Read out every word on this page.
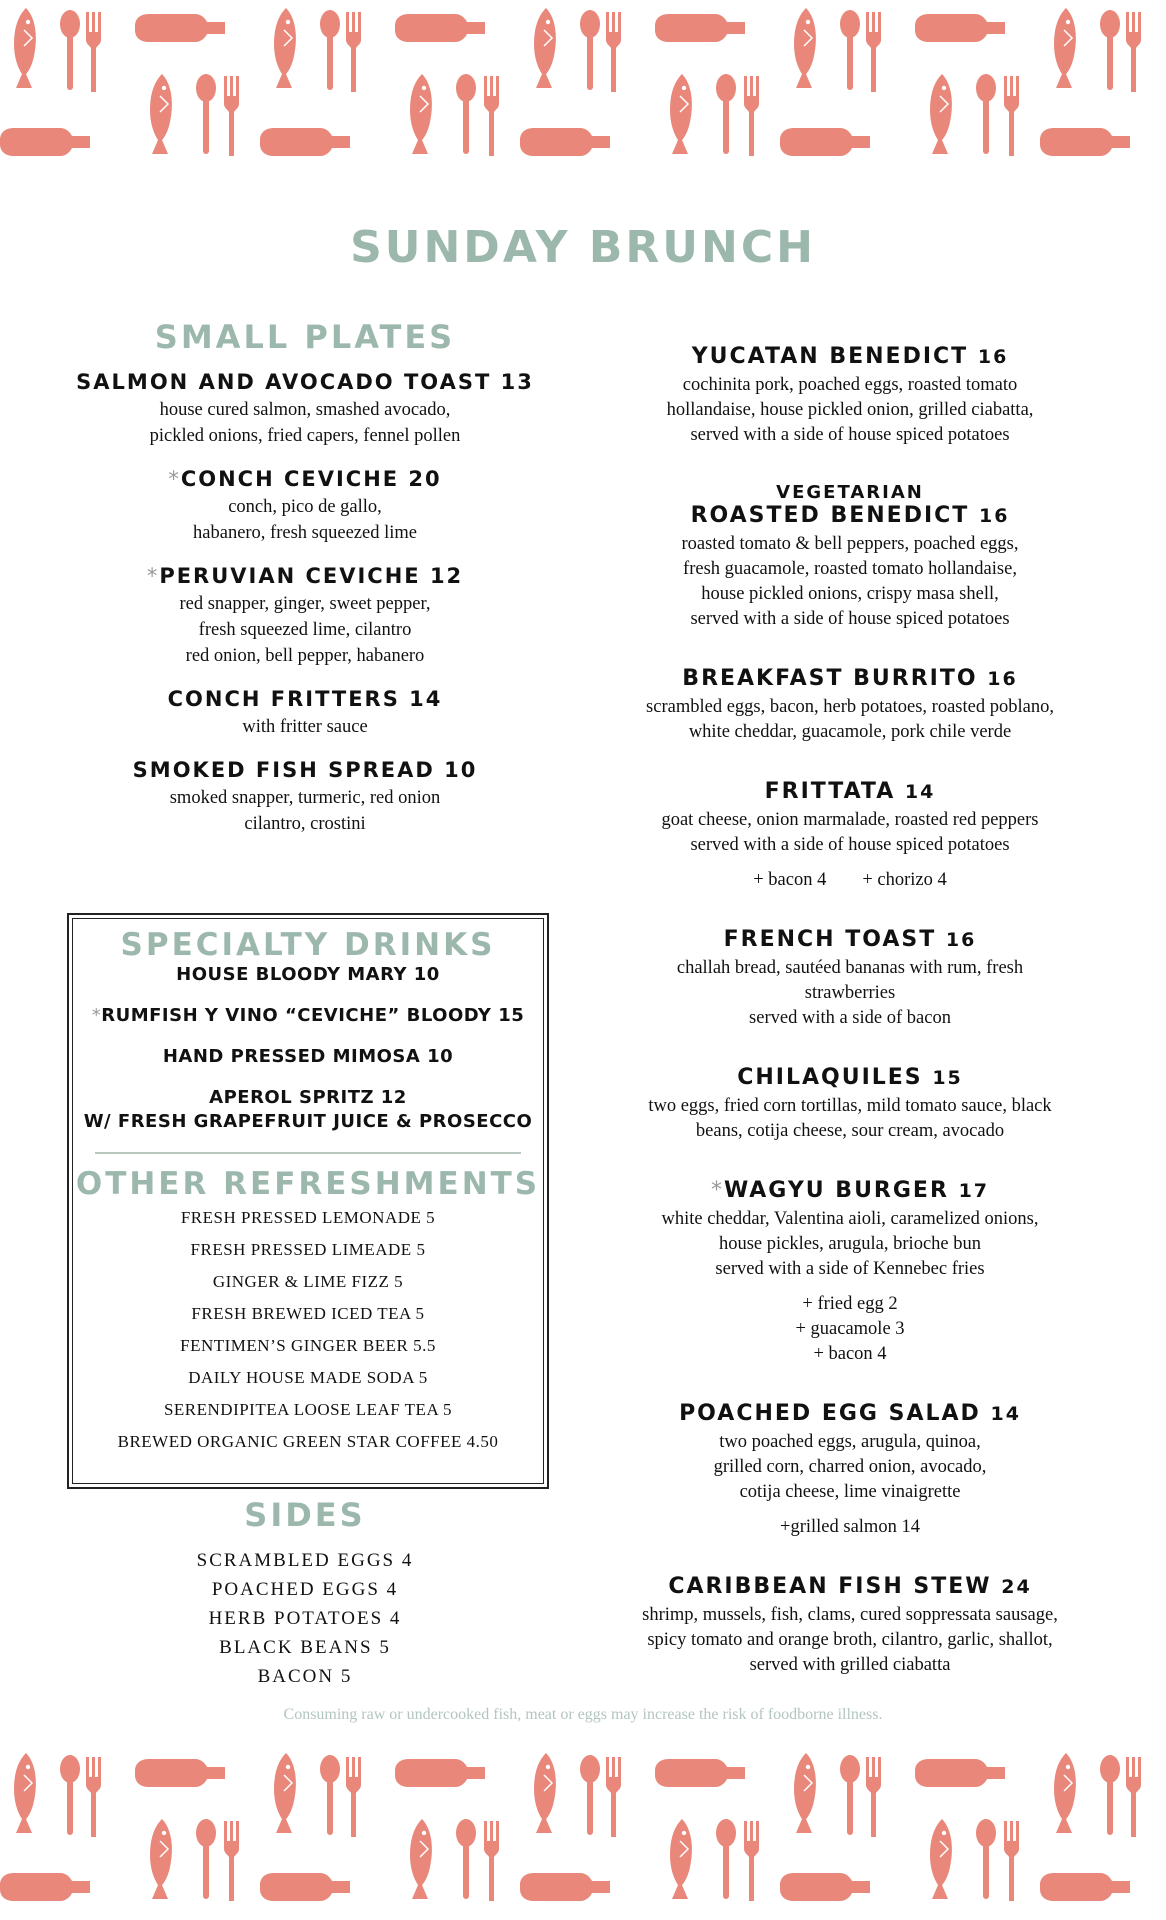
SUNDAY BRUNCH
SMALL PLATES

SALMON AND AVOCADO TOAST 13

house cured salmon, smashed avocado,

pickled onions, fried capers, fennel pollen

*CONCH CEVICHE 20

conch, pico de gallo,

habanero, fresh squeezed lime

*PERUVIAN CEVICHE 12

red snapper, ginger, sweet pepper,

fresh squeezed lime, cilantro

red onion, bell pepper, habanero

CONCH FRITTERS 14

with fritter sauce

SMOKED FISH SPREAD 10

smoked snapper, turmeric, red onion

cilantro, crostini

SPECIALTY DRINKS

HOUSE BLOODY MARY 10

*RUMFISH Y VINO “CEVICHE” BLOODY 15

HAND PRESSED MIMOSA 10

APEROL SPRITZ 12

W/ FRESH GRAPEFRUIT JUICE & PROSECCO

OTHER REFRESHMENTS

FRESH PRESSED LEMONADE 5

FRESH PRESSED LIMEADE 5

GINGER & LIME FIZZ 5

FRESH BREWED ICED TEA 5

FENTIMEN’S GINGER BEER 5.5

DAILY HOUSE MADE SODA 5

SERENDIPITEA LOOSE LEAF TEA 5

BREWED ORGANIC GREEN STAR COFFEE 4.50

SIDES

SCRAMBLED EGGS 4

POACHED EGGS 4

HERB POTATOES 4

BLACK BEANS 5

BACON 5

YUCATAN BENEDICT 16

cochinita pork, poached eggs, roasted tomato

hollandaise, house pickled onion, grilled ciabatta,

served with a side of house spiced potatoes

VEGETARIAN

ROASTED BENEDICT 16

roasted tomato & bell peppers, poached eggs,

fresh guacamole, roasted tomato hollandaise,

house pickled onions, crispy masa shell,

served with a side of house spiced potatoes

BREAKFAST BURRITO 16

scrambled eggs, bacon, herb potatoes, roasted poblano,

white cheddar, guacamole, pork chile verde

FRITTATA 14

goat cheese, onion marmalade, roasted red peppers

served with a side of house spiced potatoes

+ bacon 4 + chorizo 4

FRENCH TOAST 16

challah bread, sautéed bananas with rum, fresh

strawberries

served with a side of bacon

CHILAQUILES 15

two eggs, fried corn tortillas, mild tomato sauce, black

beans, cotija cheese, sour cream, avocado

*WAGYU BURGER 17

white cheddar, Valentina aioli, caramelized onions,

house pickles, arugula, brioche bun

served with a side of Kennebec fries

+ fried egg 2

+ guacamole 3

+ bacon 4

POACHED EGG SALAD 14

two poached eggs, arugula, quinoa,

grilled corn, charred onion, avocado,

cotija cheese, lime vinaigrette

+grilled salmon 14

CARIBBEAN FISH STEW 24

shrimp, mussels, fish, clams, cured soppressata sausage,

spicy tomato and orange broth, cilantro, garlic, shallot,

served with grilled ciabatta

Consuming raw or undercooked fish, meat or eggs may increase the risk of foodborne illness.
